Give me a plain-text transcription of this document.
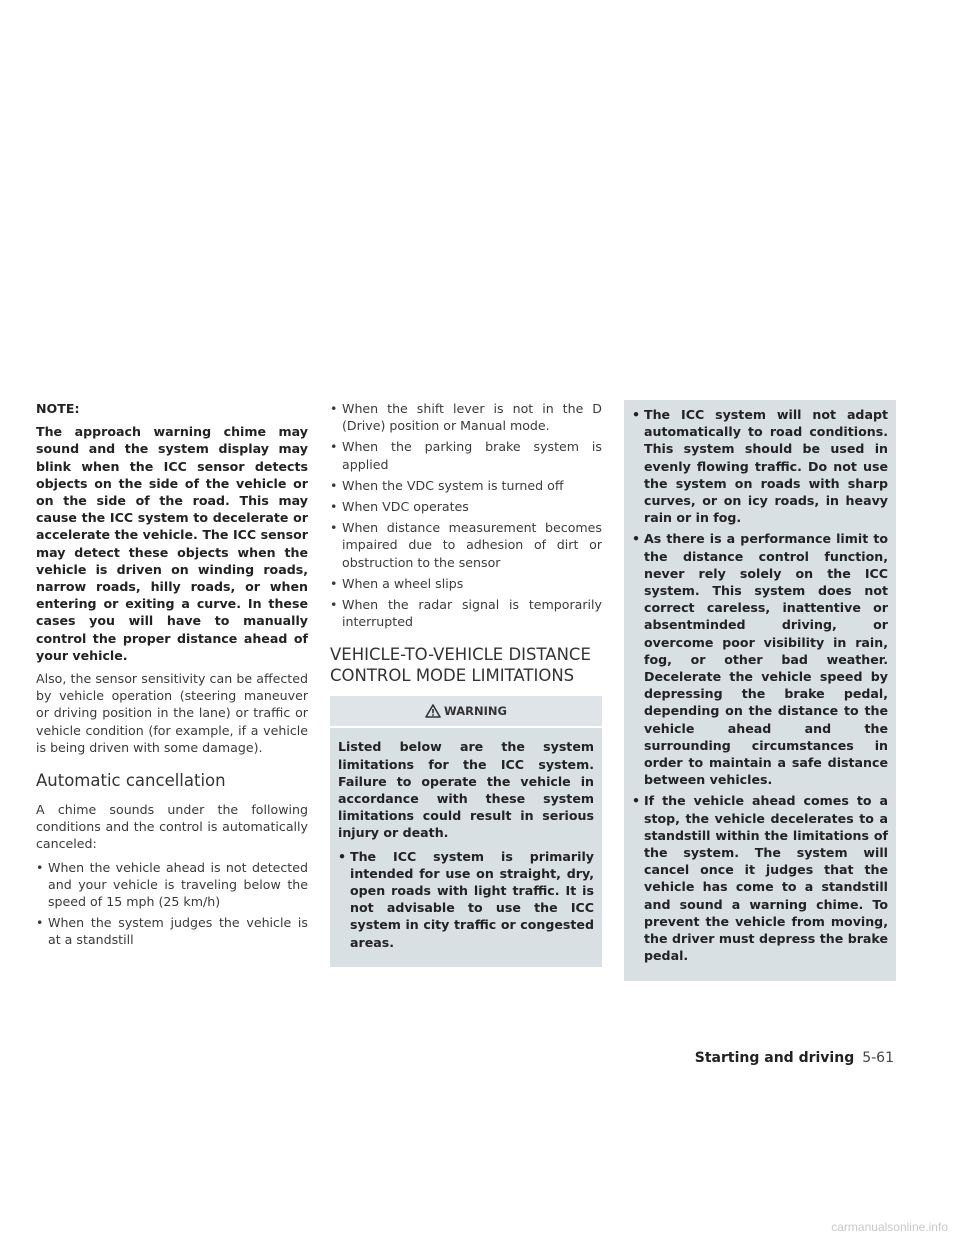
NOTE:

The approach warning chime may sound and the system display may blink when the ICC sensor detects objects on the side of the vehicle or on the side of the road. This may cause the ICC system to decelerate or accelerate the vehicle. The ICC sensor may detect these objects when the vehicle is driven on winding roads, narrow roads, hilly roads, or when entering or exiting a curve. In these cases you will have to manually control the proper distance ahead of your vehicle.

Also, the sensor sensitivity can be affected by vehicle operation (steering maneuver or driving position in the lane) or traffic or vehicle condition (for example, if a vehicle is being driven with some damage).

Automatic cancellation

A chime sounds under the following conditions and the control is automatically canceled:

• When the vehicle ahead is not detected and your vehicle is traveling below the speed of 15 mph (25 km/h)
• When the system judges the vehicle is at a standstill
• When the shift lever is not in the D (Drive) position or Manual mode.
• When the parking brake system is applied
• When the VDC system is turned off
• When VDC operates
• When distance measurement becomes impaired due to adhesion of dirt or obstruction to the sensor
• When a wheel slips
• When the radar signal is temporarily interrupted
VEHICLE-TO-VEHICLE DISTANCE CONTROL MODE LIMITATIONS
WARNING

Listed below are the system limitations for the ICC system. Failure to operate the vehicle in accordance with these system limitations could result in serious injury or death.

• The ICC system is primarily intended for use on straight, dry, open roads with light traffic. It is not advisable to use the ICC system in city traffic or congested areas.
• The ICC system will not adapt automatically to road conditions. This system should be used in evenly flowing traffic. Do not use the system on roads with sharp curves, or on icy roads, in heavy rain or in fog.
• As there is a performance limit to the distance control function, never rely solely on the ICC system. This system does not correct careless, inattentive or absentminded driving, or overcome poor visibility in rain, fog, or other bad weather. Decelerate the vehicle speed by depressing the brake pedal, depending on the distance to the vehicle ahead and the surrounding circumstances in order to maintain a safe distance between vehicles.
• If the vehicle ahead comes to a stop, the vehicle decelerates to a standstill within the limitations of the system. The system will cancel once it judges that the vehicle has come to a standstill and sound a warning chime. To prevent the vehicle from moving, the driver must depress the brake pedal.
Starting and driving 5-61
carmanualsonline.info
